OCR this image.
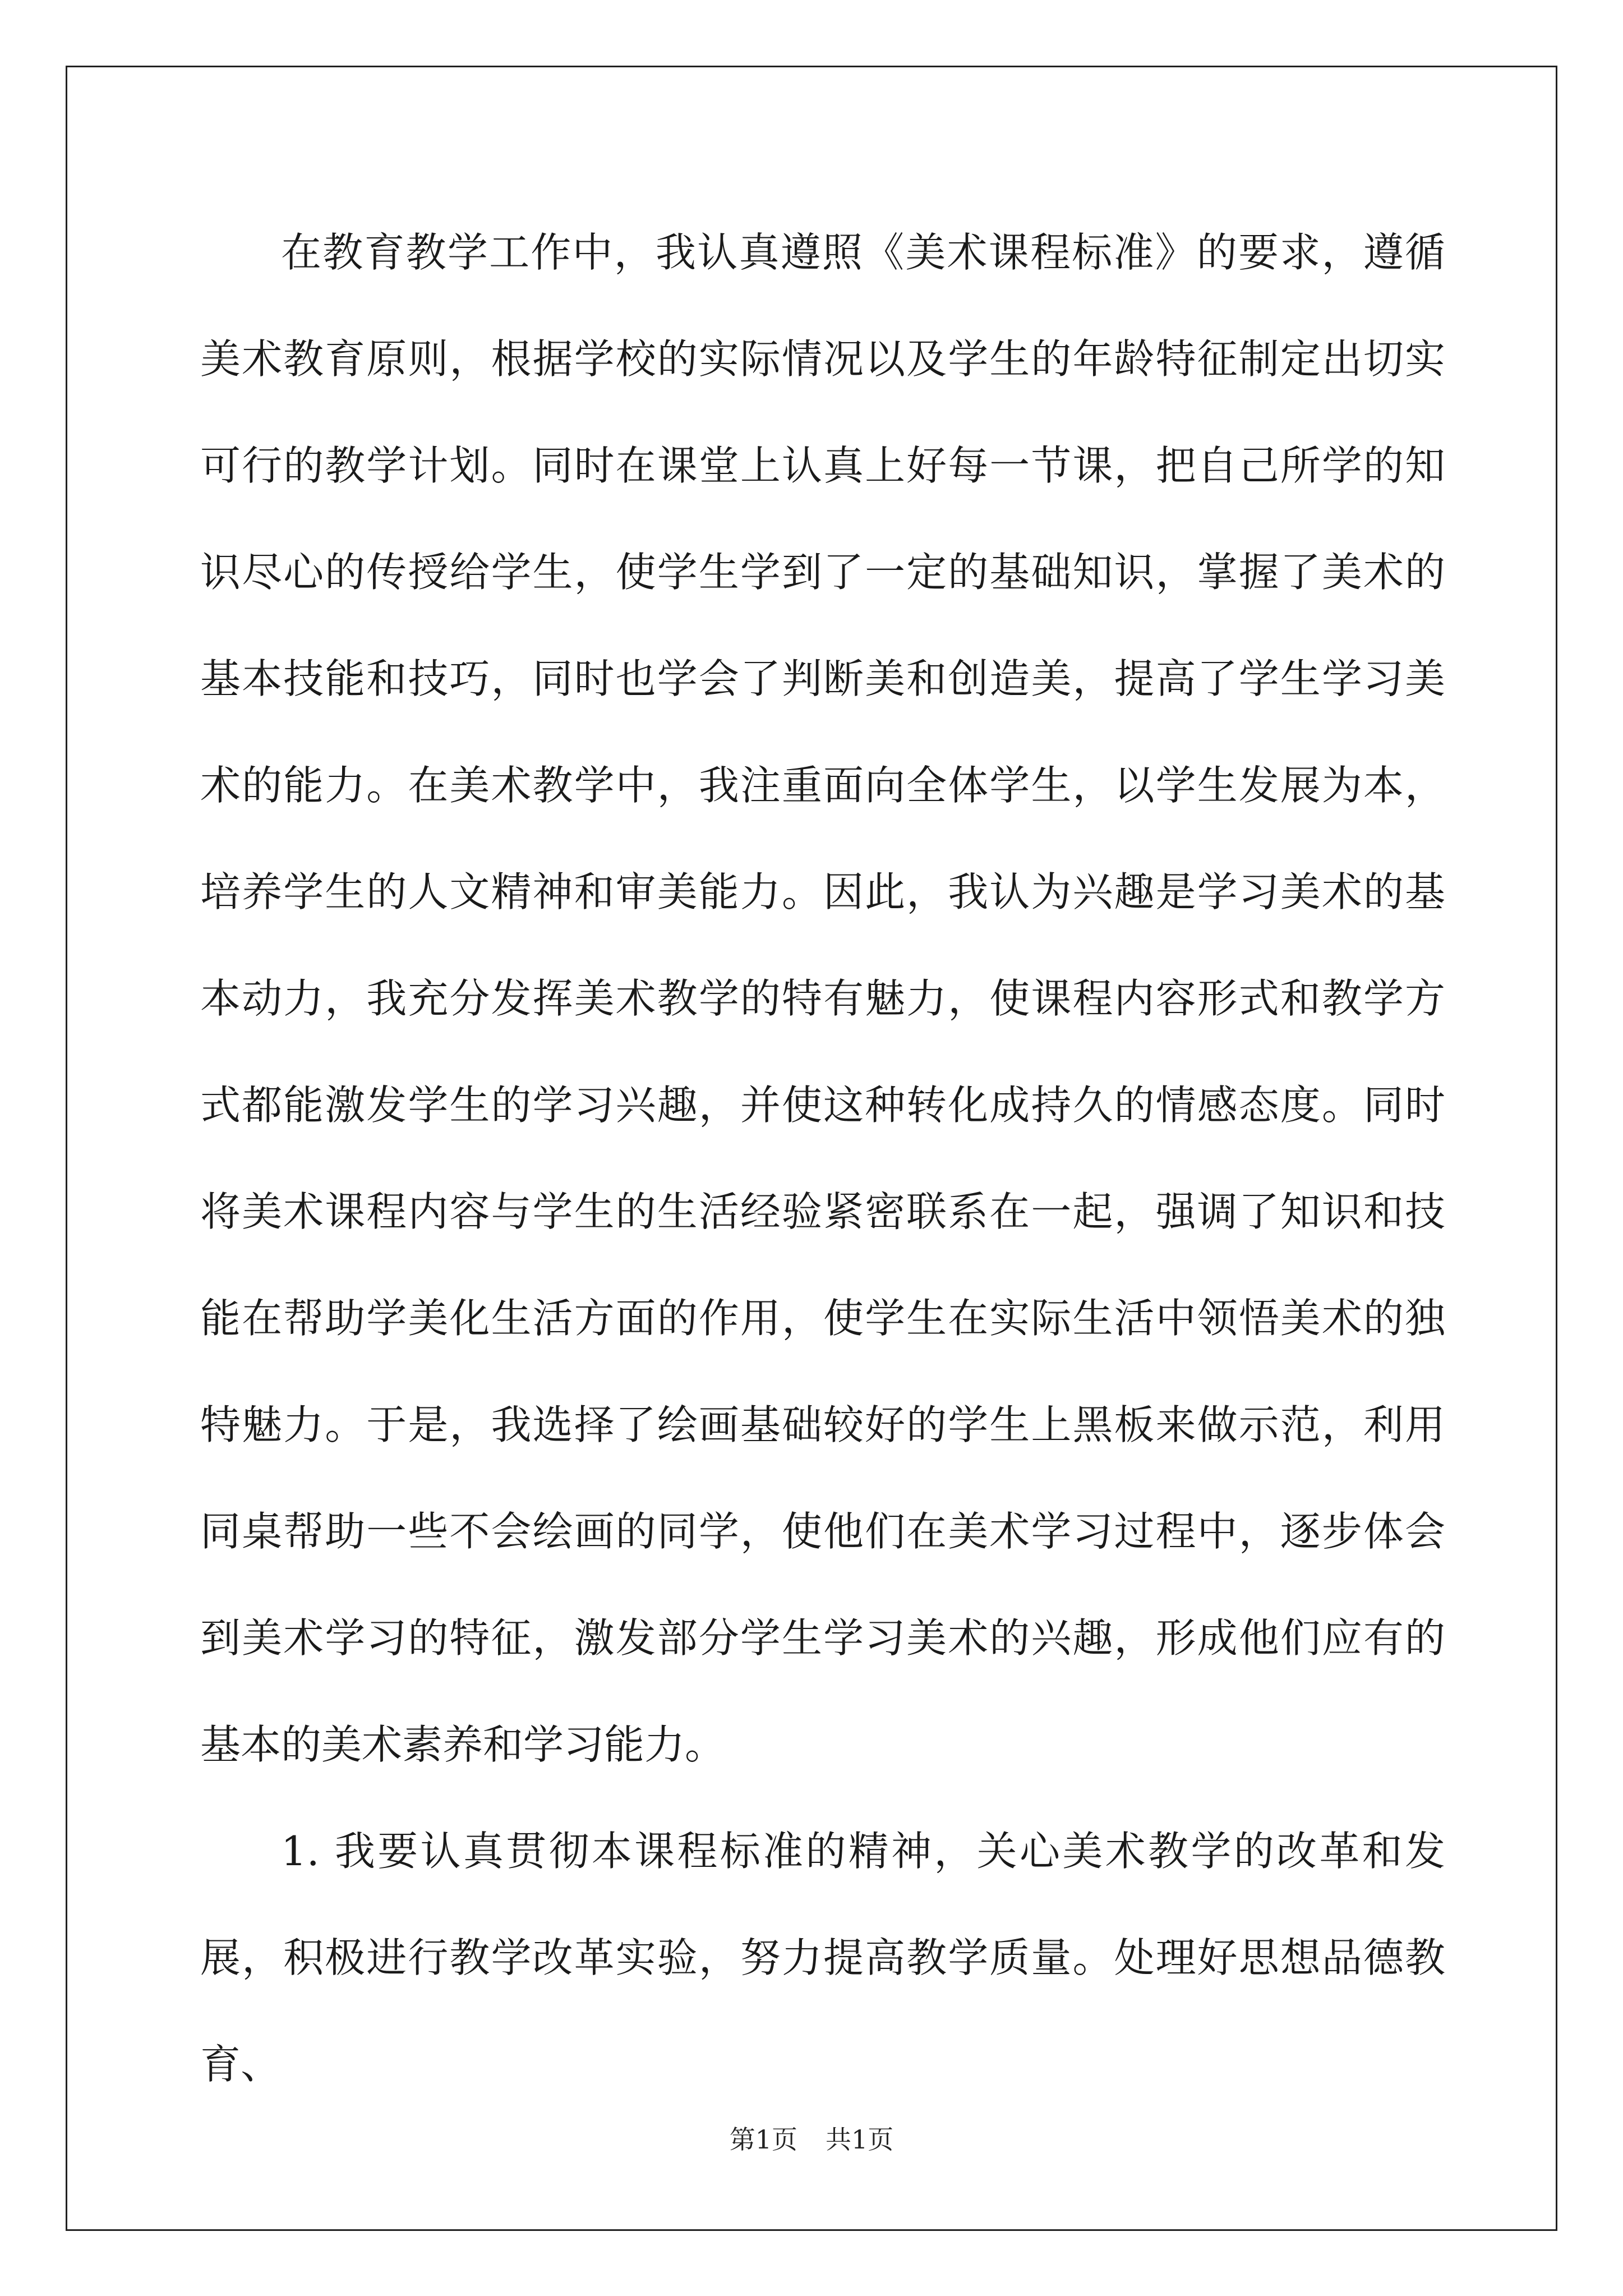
在教育教学工作中，我认真遵照《美术课程标准》的要求，遵循美术教育原则，根据学校的实际情况以及学生的年龄特征制定出切实可行的教学计划。同时在课堂上认真上好每一节课，把自己所学的知识尽心的传授给学生，使学生学到了一定的基础知识，掌握了美术的基本技能和技巧，同时也学会了判断美和创造美，提高了学生学习美术的能力。在美术教学中，我注重面向全体学生，以学生发展为本，培养学生的人文精神和审美能力。因此，我认为兴趣是学习美术的基本动力，我充分发挥美术教学的特有魅力，使课程内容形式和教学方式都能激发学生的学习兴趣，并使这种转化成持久的情感态度。同时将美术课程内容与学生的生活经验紧密联系在一起，强调了知识和技能在帮助学美化生活方面的作用，使学生在实际生活中领悟美术的独特魅力。于是，我选择了绘画基础较好的学生上黑板来做示范，利用同桌帮助一些不会绘画的同学，使他们在美术学习过程中，逐步体会到美术学习的特征，激发部分学生学习美术的兴趣，形成他们应有的基本的美术素养和学习能力。

1. 我要认真贯彻本课程标准的精神，关心美术教学的改革和发展，积极进行教学改革实验，努力提高教学质量。处理好思想品德教育、

第1页 共1页
